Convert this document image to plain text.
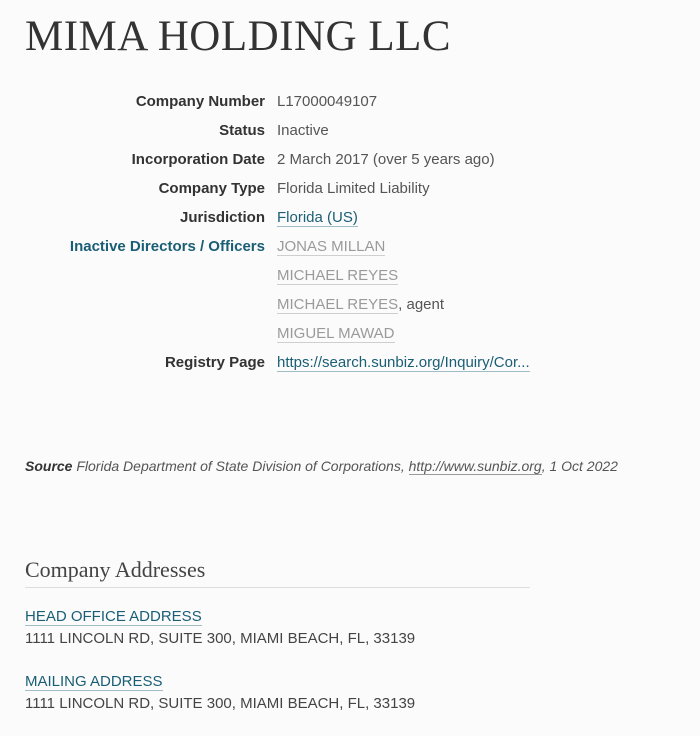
MIMA HOLDING LLC
Company Number L17000049107
Status Inactive
Incorporation Date 2 March 2017 (over 5 years ago)
Company Type Florida Limited Liability
Jurisdiction Florida (US)
Inactive Directors / Officers JONAS MILLAN
MICHAEL REYES
MICHAEL REYES, agent
MIGUEL MAWAD
Registry Page https://search.sunbiz.org/Inquiry/Cor...
Source Florida Department of State Division of Corporations, http://www.sunbiz.org, 1 Oct 2022
Company Addresses
HEAD OFFICE ADDRESS
1111 LINCOLN RD, SUITE 300, MIAMI BEACH, FL, 33139
MAILING ADDRESS
1111 LINCOLN RD, SUITE 300, MIAMI BEACH, FL, 33139
